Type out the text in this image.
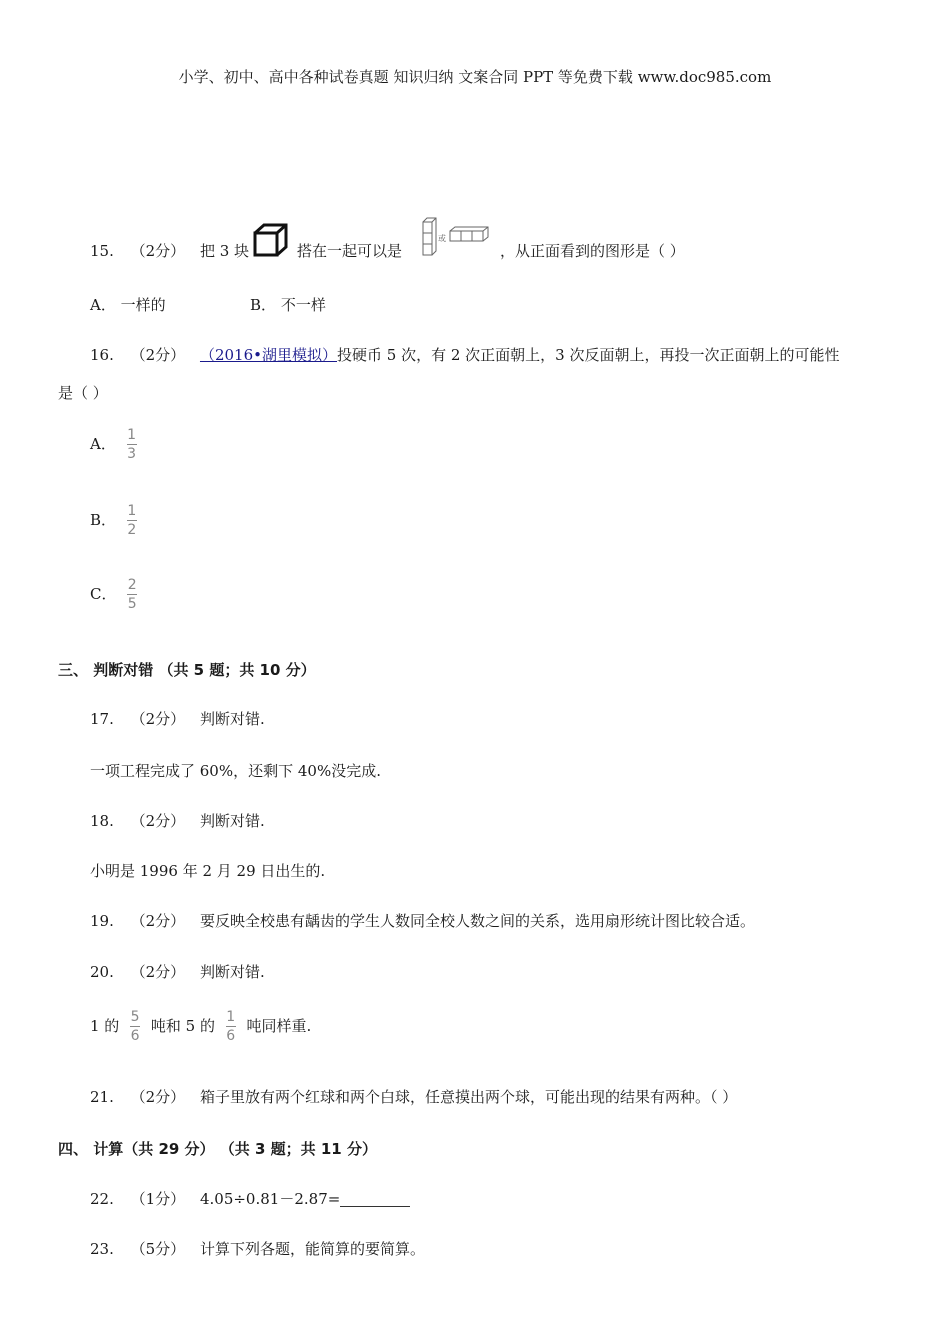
小学、初中、高中各种试卷真题 知识归纳 文案合同 PPT 等免费下载 www.doc985.com
15. （2分） 把 3 块	搭在一起可以是
或
，从正面看到的图形是（ ）
A． 一样的	B． 不一样
16. （2分） （2016•湖里模拟）投硬币 5 次，有 2 次正面朝上，3 次反面朝上，再投一次正面朝上的可能性
是（ ）
A． $\frac{1}{3}$
B． $\frac{1}{2}$
C． $\frac{2}{5}$
三、 判断对错 （共 5 题；共 10 分）
17. （2分） 判断对错.
一项工程完成了 60%，还剩下 40%没完成.
18. （2分） 判断对错.
小明是 1996 年 2 月 29 日出生的.
19. （2分） 要反映全校患有龋齿的学生人数同全校人数之间的关系，选用扇形统计图比较合适。
20. （2分） 判断对错.
1 的 $\frac{5}{6}$ 吨和 5 的 $\frac{1}{6}$ 吨同样重.
21. （2分） 箱子里放有两个红球和两个白球，任意摸出两个球，可能出现的结果有两种。（ ）
四、 计算（共 29 分） （共 3 题；共 11 分）
22. （1分） 4.05÷0.81－2.87=
23. （5分） 计算下列各题，能简算的要简算。
